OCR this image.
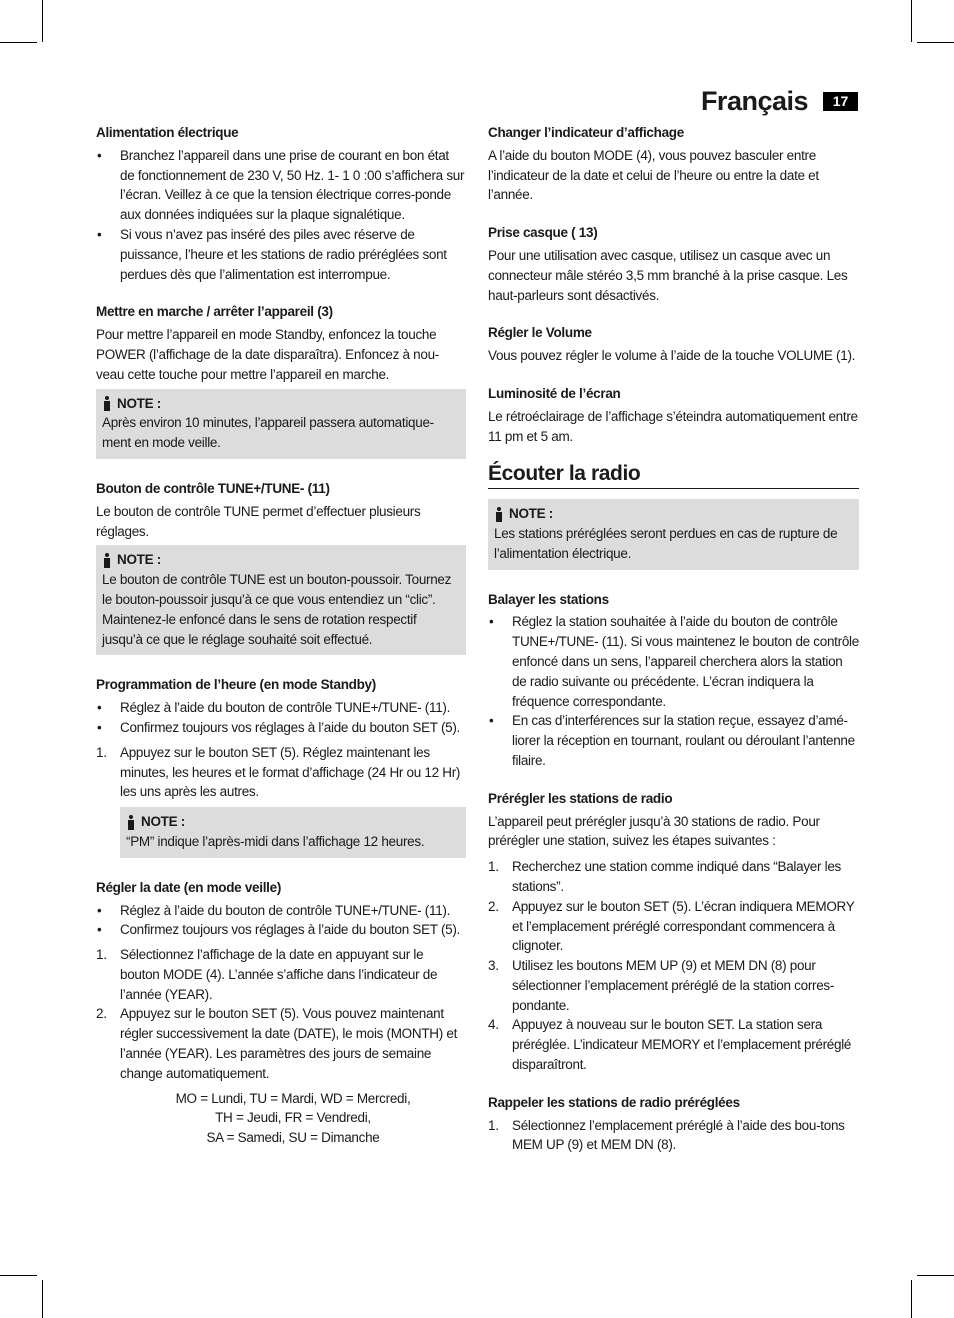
Français	17
Alimentation électrique
• Branchez l’appareil dans une prise de courant en bon état de fonctionnement de 230 V, 50 Hz. 1- 1 0 :00 s’affichera sur l’écran. Veillez à ce que la tension électrique corres-ponde aux données indiquées sur la plaque signalétique.
• Si vous n’avez pas inséré des piles avec réserve de puissance, l’heure et les stations de radio préréglées sont perdues dès que l’alimentation est interrompue.
Mettre en marche / arrêter l’appareil (3)

Pour mettre l’appareil en mode Standby, enfoncez la touche POWER (l’affichage de la date disparaîtra). Enfoncez à nou-veau cette touche pour mettre l’appareil en marche.

NOTE :

Après environ 10 minutes, l’appareil passera automatique-ment en mode veille.

Bouton de contrôle TUNE+/TUNE- (11)

Le bouton de contrôle TUNE permet d’effectuer plusieurs réglages.

NOTE :

Le bouton de contrôle TUNE est un bouton-poussoir. Tournez le bouton-poussoir jusqu’à ce que vous entendiez un “clic”. Maintenez-le enfoncé dans le sens de rotation respectif jusqu’à ce que le réglage souhaité soit effectué.

Programmation de l’heure (en mode Standby)
• Réglez à l’aide du bouton de contrôle TUNE+/TUNE- (11).
• Confirmez toujours vos réglages à l’aide du bouton SET (5).
1. Appuyez sur le bouton SET (5). Réglez maintenant les minutes, les heures et le format d’affichage (24 Hr ou 12 Hr) les uns après les autres.
NOTE :

“PM” indique l’après-midi dans l’affichage 12 heures.

Régler la date (en mode veille)
• Réglez à l’aide du bouton de contrôle TUNE+/TUNE- (11).
• Confirmez toujours vos réglages à l’aide du bouton SET (5).
1. Sélectionnez l’affichage de la date en appuyant sur le bouton MODE (4). L’année s’affiche dans l’indicateur de l’année (YEAR).
2. Appuyez sur le bouton SET (5). Vous pouvez maintenant régler successivement la date (DATE), le mois (MONTH) et l’année (YEAR). Les paramètres des jours de semaine change automatiquement.
MO = Lundi, TU = Mardi, WD = Mercredi,
TH = Jeudi, FR = Vendredi,
SA = Samedi, SU = Dimanche
Changer l’indicateur d’affichage

A l’aide du bouton MODE (4), vous pouvez basculer entre l’indicateur de la date et celui de l’heure ou entre la date et l’année.

Prise casque ( 13)

Pour une utilisation avec casque, utilisez un casque avec un connecteur mâle stéréo 3,5 mm branché à la prise casque. Les haut-parleurs sont désactivés.

Régler le Volume

Vous pouvez régler le volume à l’aide de la touche VOLUME (1).

Luminosité de l’écran

Le rétroéclairage de l’affichage s’éteindra automatiquement entre 11 pm et 5 am.

Écouter la radio
NOTE :

Les stations préréglées seront perdues en cas de rupture de l’alimentation électrique.

Balayer les stations
• Réglez la station souhaitée à l’aide du bouton de contrôle TUNE+/TUNE- (11). Si vous maintenez le bouton de contrôle enfoncé dans un sens, l’appareil cherchera alors la station de radio suivante ou précédente. L’écran indiquera la fréquence correspondante.
• En cas d’interférences sur la station reçue, essayez d’amé-liorer la réception en tournant, roulant ou déroulant l’antenne filaire.
Prérégler les stations de radio

L’appareil peut prérégler jusqu’à 30 stations de radio. Pour prérégler une station, suivez les étapes suivantes :

1. Recherchez une station comme indiqué dans “Balayer les stations”.
2. Appuyez sur le bouton SET (5). L’écran indiquera MEMORY et l’emplacement préréglé correspondant commencera à clignoter.
3. Utilisez les boutons MEM UP (9) et MEM DN (8) pour sélectionner l’emplacement préréglé de la station corres-pondante.
4. Appuyez à nouveau sur le bouton SET. La station sera préréglée. L’indicateur MEMORY et l’emplacement préréglé disparaîtront.
Rappeler les stations de radio préréglées
1. Sélectionnez l’emplacement préréglé à l’aide des bou-tons MEM UP (9) et MEM DN (8).
